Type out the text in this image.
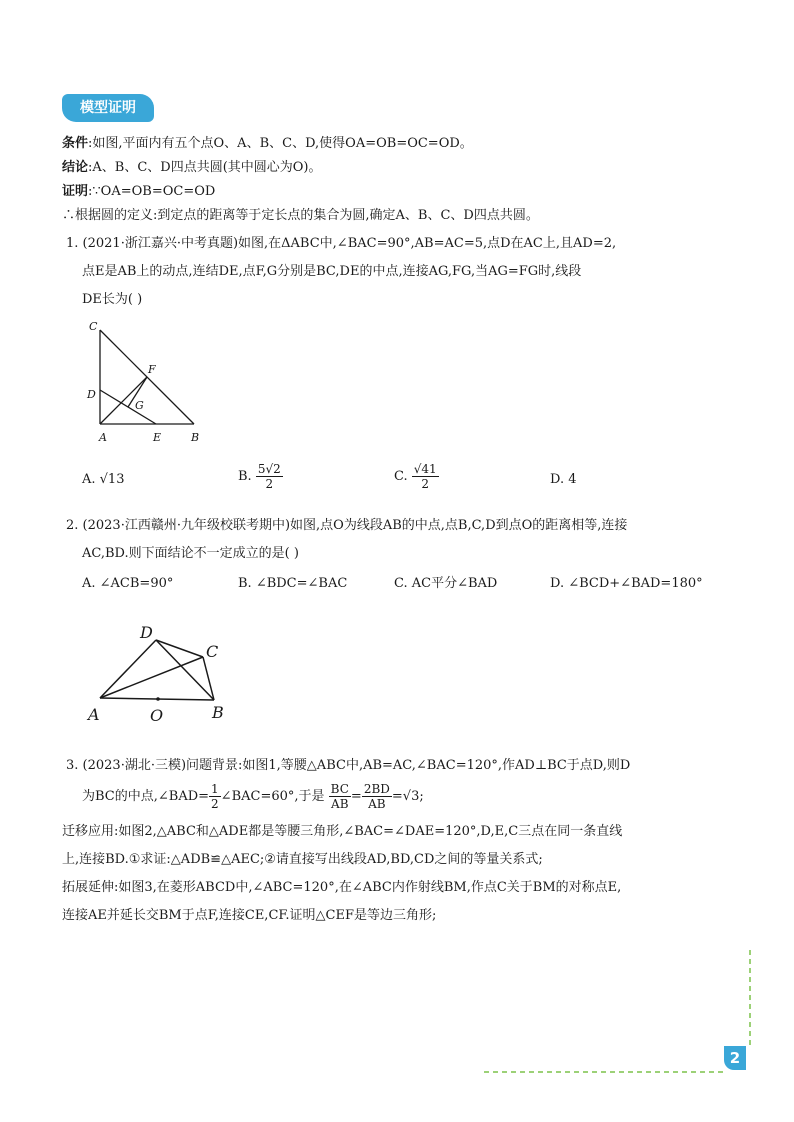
模型证明
条件:如图,平面内有五个点O、A、B、C、D,使得OA=OB=OC=OD。
结论:A、B、C、D四点共圆(其中圆心为O)。
证明:∵OA=OB=OC=OD
∴根据圆的定义:到定点的距离等于定长点的集合为圆,确定A、B、C、D四点共圆。
1. (2021·浙江嘉兴·中考真题)如图,在ΔABC中,∠BAC=90°,AB=AC=5,点D在AC上,且AD=2,
点E是AB上的动点,连结DE,点F,G分别是BC,DE的中点,连接AG,FG,当AG=FG时,线段
DE长为( )
C
F
D
G
A	E	B
A. √13	B. $\frac{5√2}{2}$	C. $\frac{√41}{2}$	D. 4
2. (2023·江西赣州·九年级校联考期中)如图,点O为线段AB的中点,点B,C,D到点O的距离相等,连接
AC,BD.则下面结论不一定成立的是( )
A. ∠ACB=90°	B. ∠BDC=∠BAC	C. AC平分∠BAD	D. ∠BCD+∠BAD=180°
D
C
A	O	B
3. (2023·湖北·三模)问题背景:如图1,等腰△ABC中,AB=AC,∠BAC=120°,作AD⊥BC于点D,则D
为BC的中点,∠BAD= $\frac{1}{2}$ ∠BAC=60°,于是 $\frac{BC}{AB} = \frac{2BD}{AB} =√3$;
迁移应用:如图2,△ABC和△ADE都是等腰三角形,∠BAC=∠DAE=120°,D,E,C三点在同一条直线
上,连接BD.①求证:△ADB≌△AEC;②请直接写出线段AD,BD,CD之间的等量关系式;
拓展延伸:如图3,在菱形ABCD中,∠ABC=120°,在∠ABC内作射线BM,作点C关于BM的对称点E,
连接AE并延长交BM于点F,连接CE,CF.证明△CEF是等边三角形;
2
